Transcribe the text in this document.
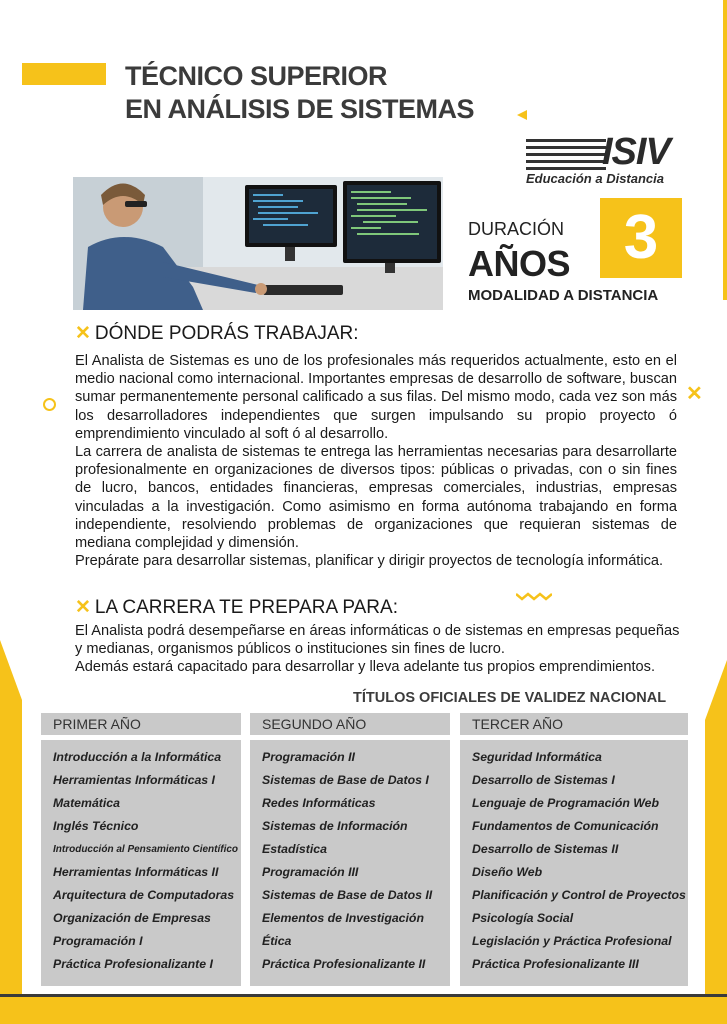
TÉCNICO SUPERIOR
EN ANÁLISIS DE SISTEMAS
ISIV
Educación a Distancia
DURACIÓN
AÑOS 3
MODALIDAD A DISTANCIA
✕ DÓNDE PODRÁS TRABAJAR:

El Analista de Sistemas es uno de los profesionales más requeridos actualmente, esto en el medio nacional como internacional. Importantes empresas de desarrollo de software, buscan sumar permanentemente personal calificado a sus filas. Del mismo modo, cada vez son más los desarrolladores independientes que surgen impulsando su propio proyecto ó emprendimiento vinculado al soft ó al desarrollo.

La carrera de analista de sistemas te entrega las herramientas necesarias para desarrollarte profesionalmente en organizaciones de diversos tipos: públicas o privadas, con o sin fines de lucro, bancos, entidades financieras, empresas comerciales, industrias, empresas vinculadas a la investigación. Como asimismo en forma autónoma trabajando en forma independiente, resolviendo problemas de organizaciones que requieran sistemas de mediana complejidad y dimensión.

Prepárate para desarrollar sistemas, planificar y dirigir proyectos de tecnología informática.

✕
✕ LA CARRERA TE PREPARA PARA:

El Analista podrá desempeñarse en áreas informáticas o de sistemas en empresas pequeñas y medianas, organismos públicos o instituciones sin fines de lucro.

Además estará capacitado para desarrollar y lleva adelante tus propios emprendimientos.

TÍTULOS OFICIALES DE VALIDEZ NACIONAL
PRIMER AÑO
Introducción a la Informática
Herramientas Informáticas I
Matemática
Inglés Técnico
Introducción al Pensamiento Científico
Herramientas Informáticas II
Arquitectura de Computadoras
Organización de Empresas
Programación I
Práctica Profesionalizante I
SEGUNDO AÑO
Programación II
Sistemas de Base de Datos I
Redes Informáticas
Sistemas de Información
Estadística
Programación III
Sistemas de Base de Datos II
Elementos de Investigación
Ética
Práctica Profesionalizante II
TERCER AÑO
Seguridad Informática
Desarrollo de Sistemas I
Lenguaje de Programación Web
Fundamentos de Comunicación
Desarrollo de Sistemas II
Diseño Web
Planificación y Control de Proyectos
Psicología Social
Legislación y Práctica Profesional
Práctica Profesionalizante III
